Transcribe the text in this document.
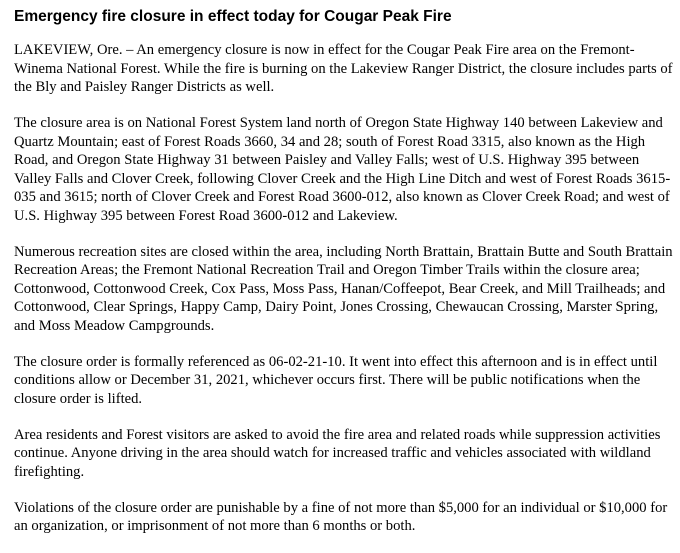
Emergency fire closure in effect today for Cougar Peak Fire

LAKEVIEW, Ore. – An emergency closure is now in effect for the Cougar Peak Fire area on the Fremont-Winema National Forest. While the fire is burning on the Lakeview Ranger District, the closure includes parts of the Bly and Paisley Ranger Districts as well.

The closure area is on National Forest System land north of Oregon State Highway 140 between Lakeview and Quartz Mountain; east of Forest Roads 3660, 34 and 28; south of Forest Road 3315, also known as the High Road, and Oregon State Highway 31 between Paisley and Valley Falls; west of U.S. Highway 395 between Valley Falls and Clover Creek, following Clover Creek and the High Line Ditch and west of Forest Roads 3615-035 and 3615; north of Clover Creek and Forest Road 3600-012, also known as Clover Creek Road; and west of U.S. Highway 395 between Forest Road 3600-012 and Lakeview.

Numerous recreation sites are closed within the area, including North Brattain, Brattain Butte and South Brattain Recreation Areas; the Fremont National Recreation Trail and Oregon Timber Trails within the closure area; Cottonwood, Cottonwood Creek, Cox Pass, Moss Pass, Hanan/Coffeepot, Bear Creek, and Mill Trailheads; and Cottonwood, Clear Springs, Happy Camp, Dairy Point, Jones Crossing, Chewaucan Crossing, Marster Spring, and Moss Meadow Campgrounds.

The closure order is formally referenced as 06-02-21-10. It went into effect this afternoon and is in effect until conditions allow or December 31, 2021, whichever occurs first. There will be public notifications when the closure order is lifted.

Area residents and Forest visitors are asked to avoid the fire area and related roads while suppression activities continue. Anyone driving in the area should watch for increased traffic and vehicles associated with wildland firefighting.

Violations of the closure order are punishable by a fine of not more than $5,000 for an individual or $10,000 for an organization, or imprisonment of not more than 6 months or both.
